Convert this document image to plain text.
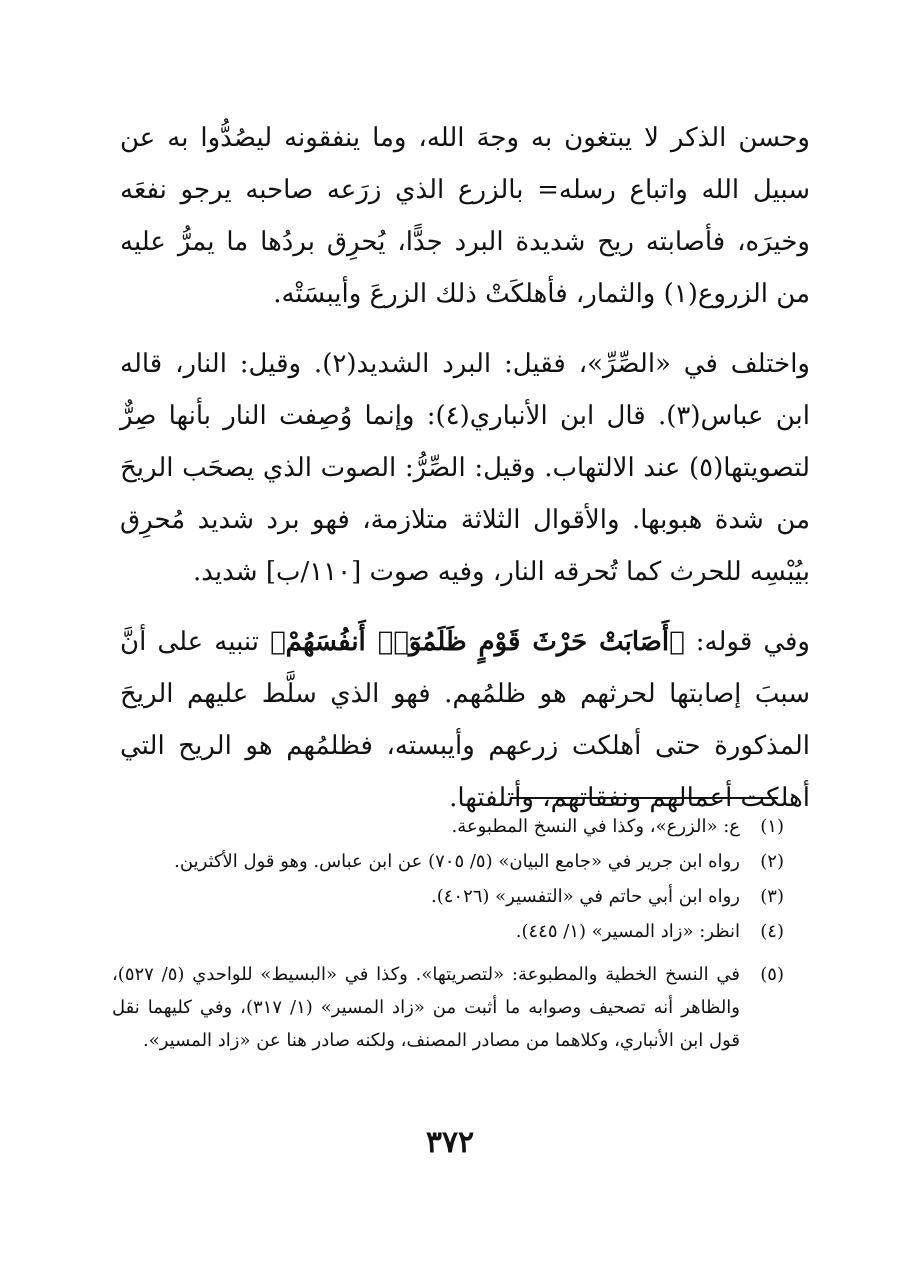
وحسن الذكر لا يبتغون به وجهَ الله، وما ينفقونه ليصُدُّوا به عن سبيل الله واتباع رسله= بالزرع الذي زرَعه صاحبه يرجو نفعَه وخيرَه، فأصابته ريح شديدة البرد جدًّا، يُحرِق بردُها ما يمرُّ عليه من الزروع(١) والثمار، فأهلكَتْ ذلك الزرعَ وأيبسَتْه.

واختلف في «الصِّرِّ»، فقيل: البرد الشديد(٢). وقيل: النار، قاله ابن عباس(٣). قال ابن الأنباري(٤): وإنما وُصِفت النار بأنها صِرٌّ لتصويتها(٥) عند الالتهاب. وقيل: الصِّرُّ: الصوت الذي يصحَب الريحَ من شدة هبوبها. والأقوال الثلاثة متلازمة، فهو برد شديد مُحرِق بيُبْسِه للحرث كما تُحرقه النار، وفيه صوت [١١٠/ب] شديد.

وفي قوله: ﴿أَصَابَتْ حَرْثَ قَوْمٍ ظَلَمُوٓا۟ أَنفُسَهُمْ﴾ تنبيه على أنَّ سببَ إصابتها لحرثهم هو ظلمُهم. فهو الذي سلَّط عليهم الريحَ المذكورة حتى أهلكت زرعهم وأيبسته، فظلمُهم هو الريح التي أهلكت أعمالهم ونفقاتهم، وأتلفتها.

(١)
ع: «الزرع»، وكذا في النسخ المطبوعة.
(٢)
رواه ابن جرير في «جامع البيان» (٥/ ٧٠٥) عن ابن عباس. وهو قول الأكثرين.
(٣)
رواه ابن أبي حاتم في «التفسير» (٤٠٢٦).
(٤)
انظر: «زاد المسير» (١/ ٤٤٥).
(٥)
في النسخ الخطية والمطبوعة: «لتصريتها». وكذا في «البسيط» للواحدي (٥/ ٥٢٧)، والظاهر أنه تصحيف وصوابه ما أثبت من «زاد المسير» (١/ ٣١٧)، وفي كليهما نقل قول ابن الأنباري، وكلاهما من مصادر المصنف، ولكنه صادر هنا عن «زاد المسير».
٣٧٢
